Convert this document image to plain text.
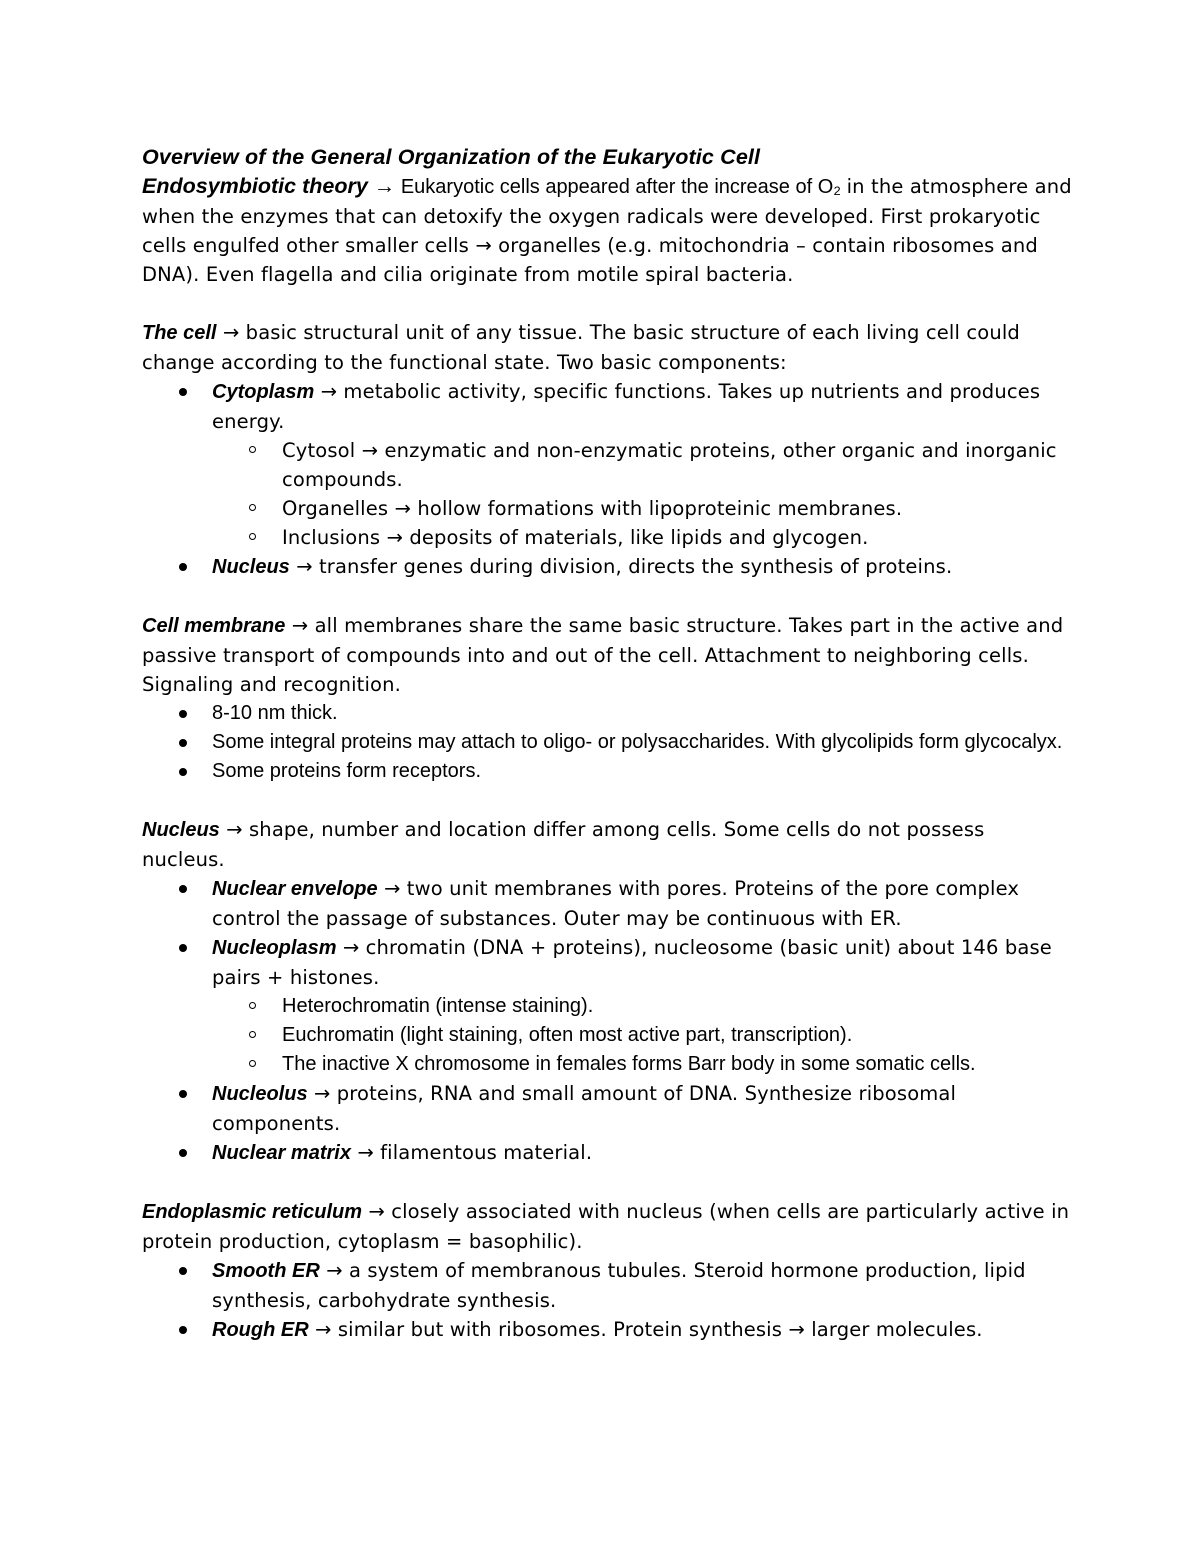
Overview of the General Organization of the Eukaryotic Cell

Endosymbiotic theory → Eukaryotic cells appeared after the increase of O₂ in the atmosphere and when the enzymes that can detoxify the oxygen radicals were developed. First prokaryotic cells engulfed other smaller cells → organelles (e.g. mitochondria – contain ribosomes and DNA). Even flagella and cilia originate from motile spiral bacteria.

The cell → basic structural unit of any tissue. The basic structure of each living cell could change according to the functional state. Two basic components:

Cytoplasm → metabolic activity, specific functions. Takes up nutrients and produces energy.
Cytosol → enzymatic and non-enzymatic proteins, other organic and inorganic compounds.
Organelles → hollow formations with lipoproteinic membranes.
Inclusions → deposits of materials, like lipids and glycogen.
Nucleus → transfer genes during division, directs the synthesis of proteins.

Cell membrane → all membranes share the same basic structure. Takes part in the active and passive transport of compounds into and out of the cell. Attachment to neighboring cells. Signaling and recognition.

8-10 nm thick.
Some integral proteins may attach to oligo- or polysaccharides. With glycolipids form glycocalyx.
Some proteins form receptors.

Nucleus → shape, number and location differ among cells. Some cells do not possess nucleus.

Nuclear envelope → two unit membranes with pores. Proteins of the pore complex control the passage of substances. Outer may be continuous with ER.
Nucleoplasm → chromatin (DNA + proteins), nucleosome (basic unit) about 146 base pairs + histones.
Heterochromatin (intense staining).
Euchromatin (light staining, often most active part, transcription).
The inactive X chromosome in females forms Barr body in some somatic cells.
Nucleolus → proteins, RNA and small amount of DNA. Synthesize ribosomal components.
Nuclear matrix → filamentous material.

Endoplasmic reticulum → closely associated with nucleus (when cells are particularly active in protein production, cytoplasm = basophilic).

Smooth ER → a system of membranous tubules. Steroid hormone production, lipid synthesis, carbohydrate synthesis.
Rough ER → similar but with ribosomes. Protein synthesis → larger molecules.
